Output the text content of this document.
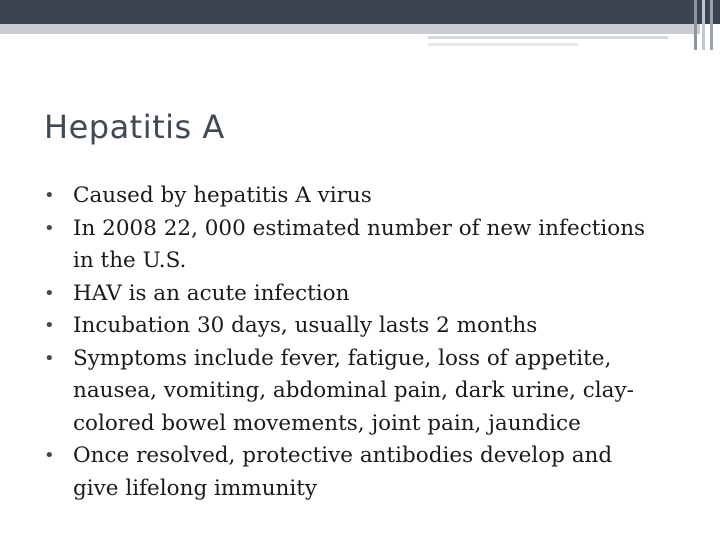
Hepatitis A
• Caused by hepatitis A virus
• In 2008 22, 000 estimated number of new infections in the U.S.
• HAV is an acute infection
• Incubation 30 days, usually lasts 2 months
• Symptoms include fever, fatigue, loss of appetite, nausea, vomiting, abdominal pain, dark urine, clay-colored bowel movements, joint pain, jaundice
• Once resolved, protective antibodies develop and give lifelong immunity
